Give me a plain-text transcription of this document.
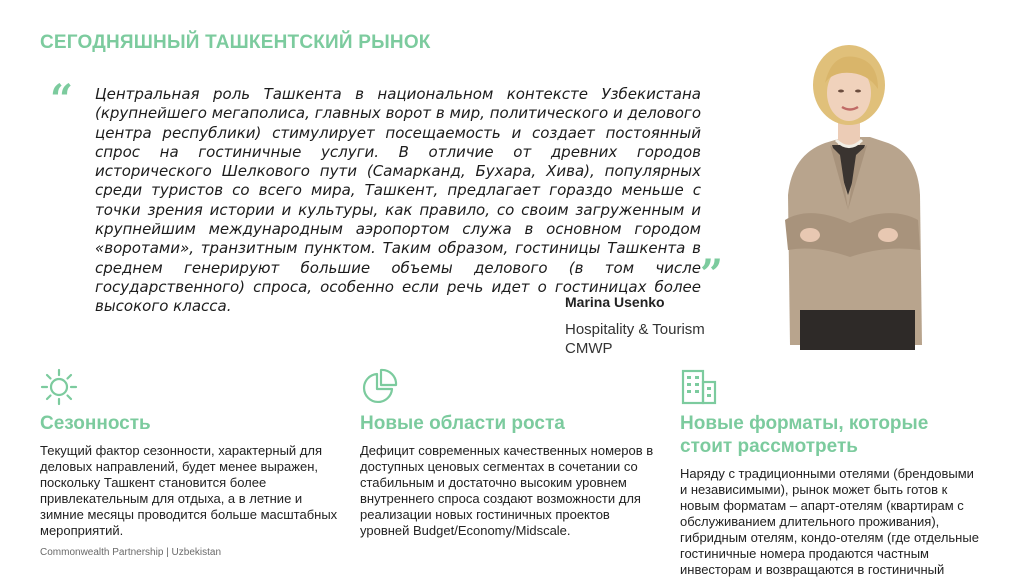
СЕГОДНЯШНЫЙ ТАШКЕНТСКИЙ РЫНОК
“ Центральная роль Ташкента в национальном контексте Узбекистана (крупнейшего мегаполиса, главных ворот в мир, политического и делового центра республики) стимулирует посещаемость и создает постоянный спрос на гостиничные услуги. В отличие от древних городов исторического Шелкового пути (Самарканд, Бухара, Хива), популярных среди туристов со всего мира, Ташкент, предлагает гораздо меньше с точки зрения истории и культуры, как правило, со своим загруженным и крупнейшим международным аэропортом служа в основном городом «воротами», транзитным пунктом. Таким образом, гостиницы Ташкента в среднем генерируют большие объемы делового (в том числе государственного) спроса, особенно если речь идет о гостиницах более высокого класса.

”
Marina Usenko
Hospitality & Tourism CMWP
Сезонность
Текущий фактор сезонности, характерный для деловых направлений, будет менее выражен, поскольку Ташкент становится более привлекательным для отдыха, а в летние и зимние месяцы проводится больше масштабных мероприятий.
Новые области роста
Дефицит современных качественных номеров в доступных ценовых сегментах в сочетании со стабильным и достаточно высоким уровнем внутреннего спроса создают возможности для реализации новых гостиничных проектов уровней Budget/Economy/Midscale.
Новые форматы, которые стоит рассмотреть
Наряду с традиционными отелями (брендовыми и независимыми), рынок может быть готов к новым форматам – апарт-отелям (квартирам с обслуживанием длительного проживания), гибридным отелям, кондо-отелям (где отдельные гостиничные номера продаются частным инвесторам и возвращаются в гостиничный
Commonwealth Partnership | Uzbekistan
